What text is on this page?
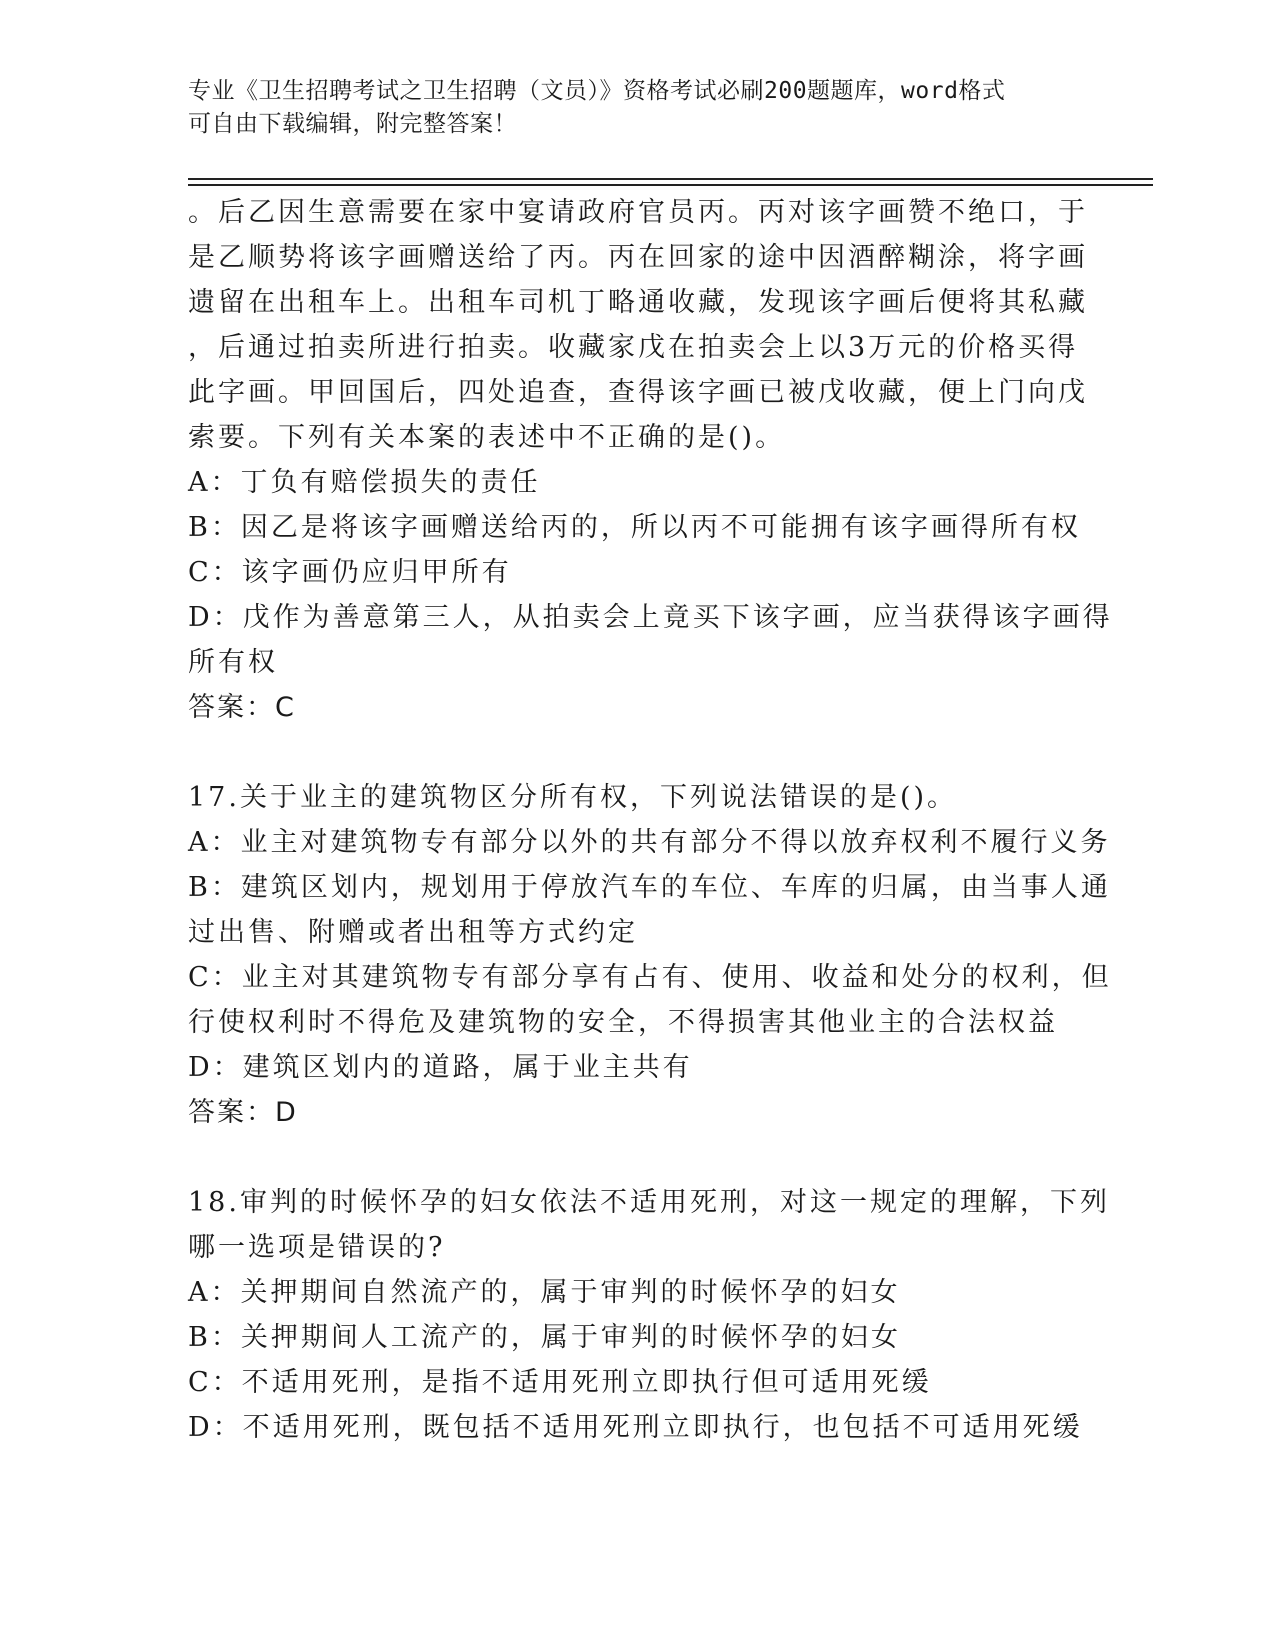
专业《卫生招聘考试之卫生招聘（文员）》资格考试必刷200题题库，word格式
可自由下载编辑，附完整答案！
。后乙因生意需要在家中宴请政府官员丙。丙对该字画赞不绝口，于
是乙顺势将该字画赠送给了丙。丙在回家的途中因酒醉糊涂，将字画
遗留在出租车上。出租车司机丁略通收藏，发现该字画后便将其私藏
，后通过拍卖所进行拍卖。收藏家戊在拍卖会上以3万元的价格买得
此字画。甲回国后，四处追查，查得该字画已被戊收藏，便上门向戊
索要。下列有关本案的表述中不正确的是()。
A：丁负有赔偿损失的责任
B：因乙是将该字画赠送给丙的，所以丙不可能拥有该字画得所有权
C：该字画仍应归甲所有
D：戊作为善意第三人，从拍卖会上竟买下该字画，应当获得该字画得
所有权
答案：C
17.关于业主的建筑物区分所有权，下列说法错误的是()。
A：业主对建筑物专有部分以外的共有部分不得以放弃权利不履行义务
B：建筑区划内，规划用于停放汽车的车位、车库的归属，由当事人通
过出售、附赠或者出租等方式约定
C：业主对其建筑物专有部分享有占有、使用、收益和处分的权利，但
行使权利时不得危及建筑物的安全，不得损害其他业主的合法权益
D：建筑区划内的道路，属于业主共有
答案：D
18.审判的时候怀孕的妇女依法不适用死刑，对这一规定的理解，下列
哪一选项是错误的?
A：关押期间自然流产的，属于审判的时候怀孕的妇女
B：关押期间人工流产的，属于审判的时候怀孕的妇女
C：不适用死刑，是指不适用死刑立即执行但可适用死缓
D：不适用死刑，既包括不适用死刑立即执行，也包括不可适用死缓
